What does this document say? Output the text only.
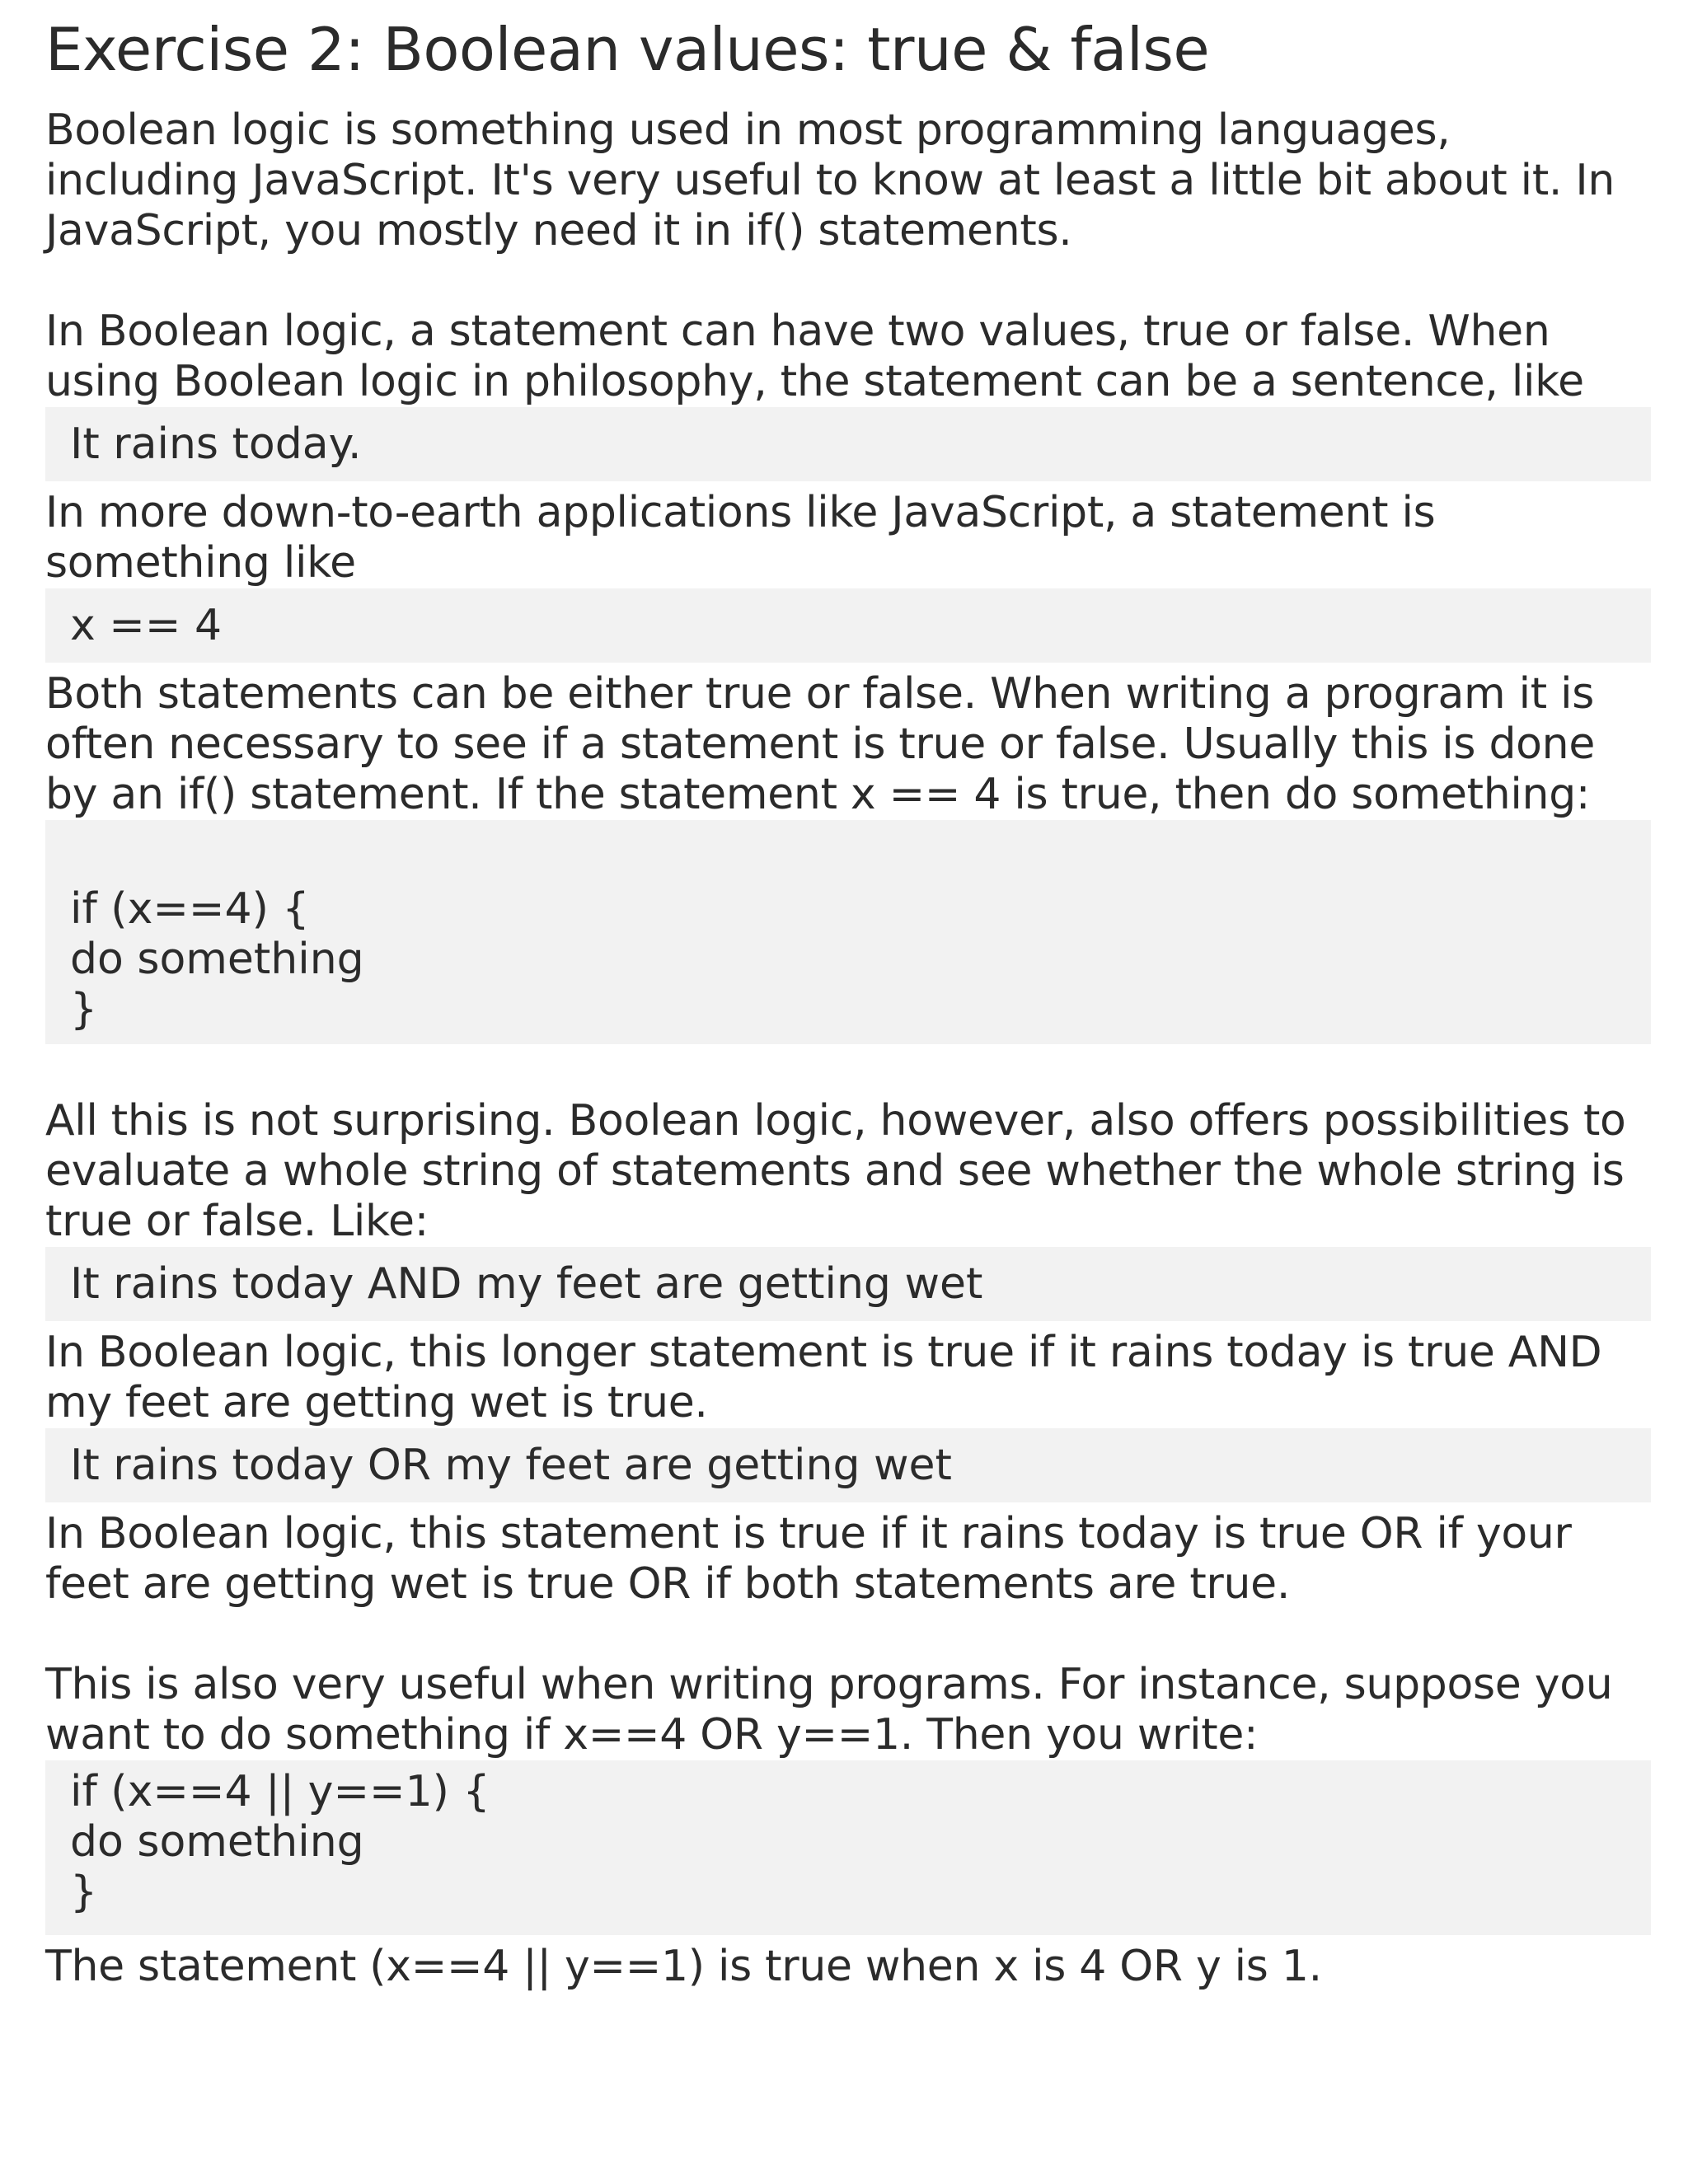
Exercise 2: Boolean values: true & false

Boolean logic is something used in most programming languages, including JavaScript. It's very useful to know at least a little bit about it. In JavaScript, you mostly need it in if() statements.

In Boolean logic, a statement can have two values, true or false. When using Boolean logic in philosophy, the statement can be a sentence, like

It rains today.

In more down-to-earth applications like JavaScript, a statement is something like

x == 4

Both statements can be either true or false. When writing a program it is often necessary to see if a statement is true or false. Usually this is done by an if() statement. If the statement x == 4 is true, then do something:

if (x==4) {
do something
}

All this is not surprising. Boolean logic, however, also offers possibilities to evaluate a whole string of statements and see whether the whole string is true or false. Like:

It rains today AND my feet are getting wet

In Boolean logic, this longer statement is true if it rains today is true AND my feet are getting wet is true.

It rains today OR my feet are getting wet

In Boolean logic, this statement is true if it rains today is true OR if your feet are getting wet is true OR if both statements are true.

This is also very useful when writing programs. For instance, suppose you want to do something if x==4 OR y==1. Then you write:

if (x==4 || y==1) {
do something
}

The statement (x==4 || y==1) is true when x is 4 OR y is 1.
